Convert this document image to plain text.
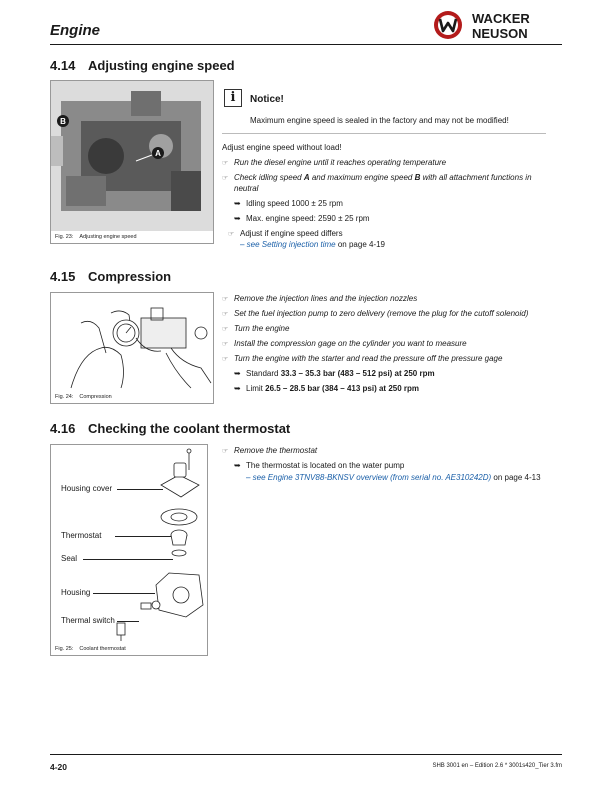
Engine
WACKER
NEUSON
4.14 Adjusting engine speed
B
A
Fig. 23: Adjusting engine speed
i	Notice!
Maximum engine speed is sealed in the factory and may not be modified!
Adjust engine speed without load!
☞ Run the diesel engine until it reaches operating temperature
☞ Check idling speed A and maximum engine speed B with all attachment functions in
neutral
➥ Idling speed 1000 ± 25 rpm
➥ Max. engine speed: 2590 ± 25 rpm
☞ Adjust if engine speed differs
– see Setting injection time on page 4-19
4.15 Compression
Fig. 24: Compression
☞ Remove the injection lines and the injection nozzles
☞ Set the fuel injection pump to zero delivery (remove the plug for the cutoff solenoid)
☞ Turn the engine
☞ Install the compression gage on the cylinder you want to measure
☞ Turn the engine with the starter and read the pressure off the pressure gage
➥ Standard 33.3 – 35.3 bar (483 – 512 psi) at 250 rpm
➥ Limit 26.5 – 28.5 bar (384 – 413 psi) at 250 rpm
4.16 Checking the coolant thermostat
Housing cover
Thermostat
Seal
Housing
Thermal switch
Fig. 25: Coolant thermostat
☞ Remove the thermostat
➥ The thermostat is located on the water pump
– see Engine 3TNV88-BKNSV overview (from serial no. AE310242D) on page 4-13
4-20	SHB 3001 en – Edition 2.6 * 3001s420_Tier 3.fm
